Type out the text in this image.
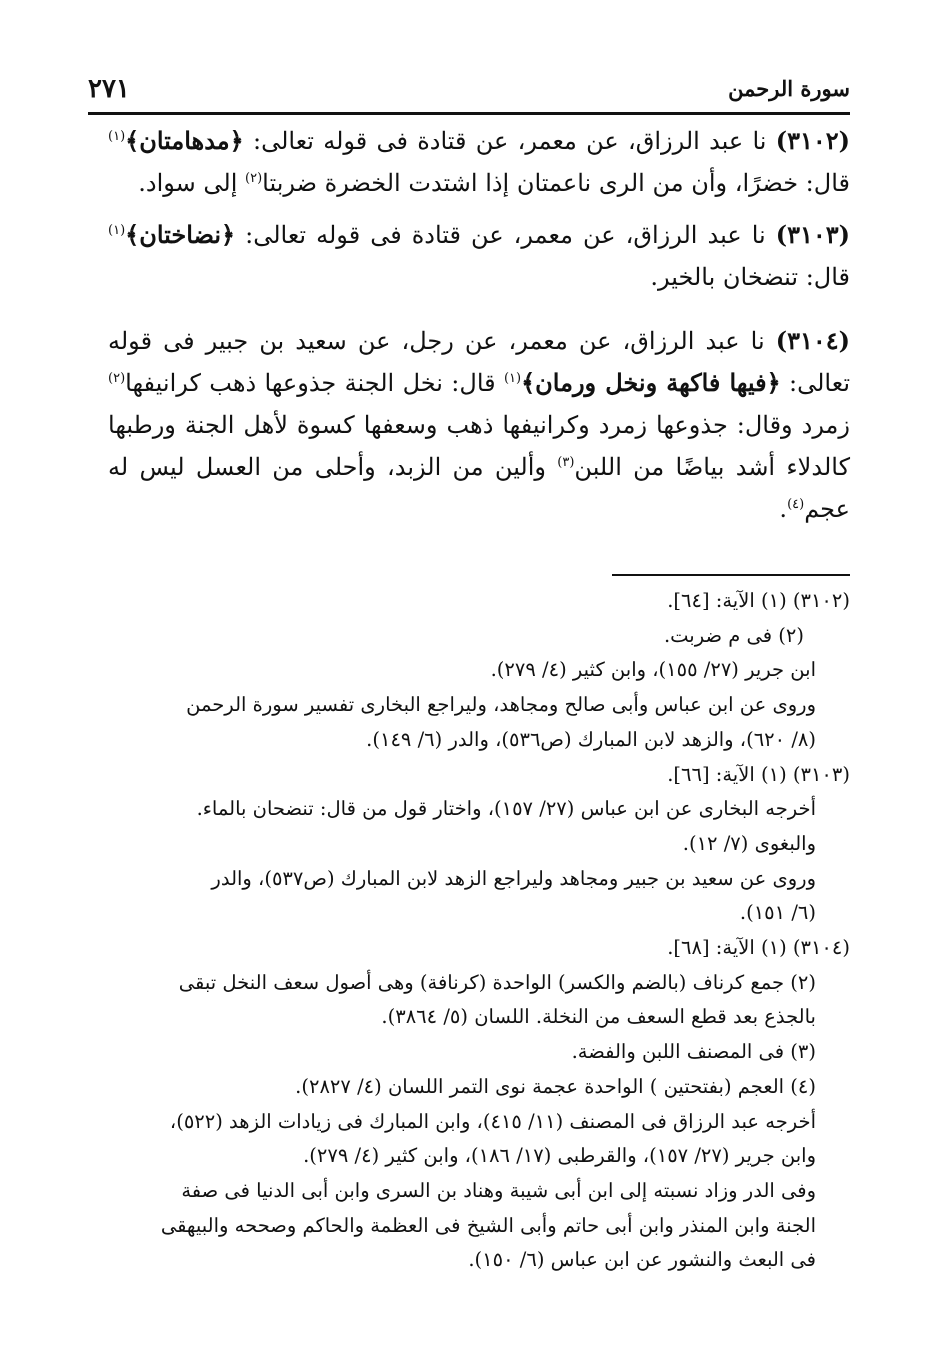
سورة الرحمن
٢٧١

(٣١٠٢) نا عبد الرزاق، عن معمر، عن قتادة فى قوله تعالى: ﴿مدهامتان﴾$^{(١)}$ قال: خضرًا، وأن من الرى ناعمتان إذا اشتدت الخضرة ضربتا$^{(٢)}$ إلى سواد.

(٣١٠٣) نا عبد الرزاق، عن معمر، عن قتادة فى قوله تعالى: ﴿نضاختان﴾$^{(١)}$ قال: تنضخان بالخير.

(٣١٠٤) نا عبد الرزاق، عن معمر، عن رجل، عن سعيد بن جبير فى قوله تعالى: ﴿فيها فاكهة ونخل ورمان﴾$^{(١)}$ قال: نخل الجنة جذوعها ذهب كرانيفها$^{(٢)}$ زمرد وقال: جذوعها زمرد وكرانيفها ذهب وسعفها كسوة لأهل الجنة ورطبها كالدلاء أشد بياضًا من اللبن$^{(٣)}$ وألين من الزبد، وأحلى من العسل ليس له عجم$^{(٤)}$.

(٣١٠٢) (١) الآية: [٦٤].

(٢) فى م ضربت.

ابن جرير (٢٧/ ١٥٥)، وابن كثير (٤/ ٢٧٩).

وروى عن ابن عباس وأبى صالح ومجاهد، وليراجع البخارى تفسير سورة الرحمن

(٨/ ٦٢٠)، والزهد لابن المبارك (ص٥٣٦)، والدر (٦/ ١٤٩).

(٣١٠٣) (١) الآية: [٦٦].

أخرجه البخارى عن ابن عباس (٢٧/ ١٥٧)، واختار قول من قال: تنضحان بالماء.

والبغوى (٧/ ١٢).

وروى عن سعيد بن جبير ومجاهد وليراجع الزهد لابن المبارك (ص٥٣٧)، والدر

(٦/ ١٥١).

(٣١٠٤) (١) الآية: [٦٨].

(٢) جمع كرناف (بالضم والكسر) الواحدة (كرنافة) وهى أصول سعف النخل تبقى

بالجذع بعد قطع السعف من النخلة. اللسان (٥/ ٣٨٦٤).

(٣) فى المصنف اللبن والفضة.

(٤) العجم (بفتحتين ) الواحدة عجمة نوى التمر اللسان (٤/ ٢٨٢٧).

أخرجه عبد الرزاق فى المصنف (١١/ ٤١٥)، وابن المبارك فى زيادات الزهد (٥٢٢)،

وابن جرير (٢٧/ ١٥٧)، والقرطبى (١٧/ ١٨٦)، وابن كثير (٤/ ٢٧٩).

وفى الدر وزاد نسبته إلى ابن أبى شيبة وهناد بن السرى وابن أبى الدنيا فى صفة

الجنة وابن المنذر وابن أبى حاتم وأبى الشيخ فى العظمة والحاكم وصححه والبيهقى

فى البعث والنشور عن ابن عباس (٦/ ١٥٠).
